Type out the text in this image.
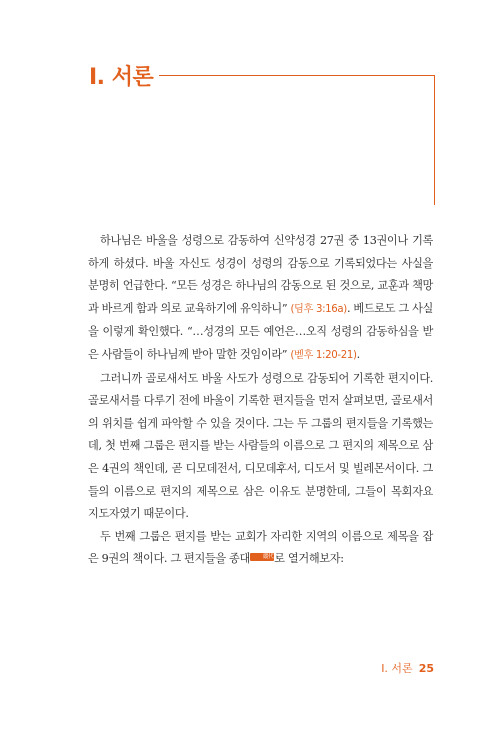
I. 서론

하나님은 바울을 성령으로 감동하여 신약성경 27권 중 13권이나 기록하게 하셨다. 바울 자신도 성경이 성령의 감동으로 기록되었다는 사실을 분명히 언급한다. “모든 성경은 하나님의 감동으로 된 것으로, 교훈과 책망과 바르게 함과 의로 교육하기에 유익하니” (딤후 3:16a). 베드로도 그 사실을 이렇게 확인했다. “…성경의 모든 예언은…오직 성령의 감동하심을 받은 사람들이 하나님께 받아 말한 것임이라” (벧후 1:20-21).

그러니까 골로새서도 바울 사도가 성령으로 감동되어 기록한 편지이다. 골로새서를 다루기 전에 바울이 기록한 편지들을 먼저 살펴보면, 골로새서의 위치를 쉽게 파악할 수 있을 것이다. 그는 두 그룹의 편지들을 기록했는데, 첫 번째 그룹은 편지를 받는 사람들의 이름으로 그 편지의 제목으로 삼은 4권의 책인데, 곧 디모데전서, 디모데후서, 디도서 및 빌레몬서이다. 그들의 이름으로 편지의 제목으로 삼은 이유도 분명한데, 그들이 목회자요 지도자였기 때문이다.

두 번째 그룹은 편지를 받는 교회가 자리한 지역의 이름으로 제목을 잡은 9권의 책이다. 그 편지들을 종대 縱代로 열거해보자:

I. 서론 25
